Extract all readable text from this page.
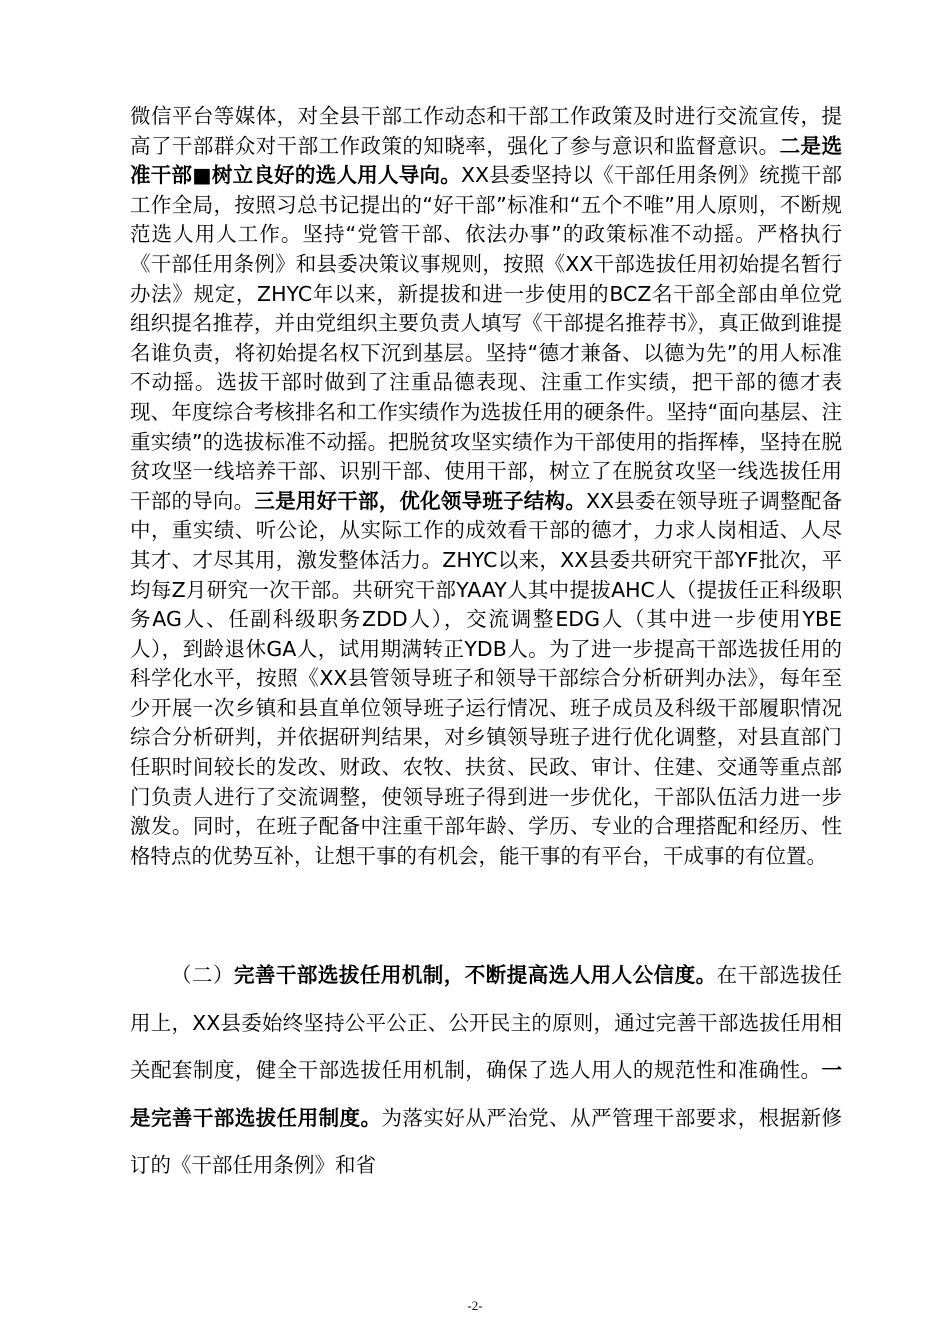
微信平台等媒体，对全县干部工作动态和干部工作政策及时进行交流宣传，提高了干部群众对干部工作政策的知晓率，强化了参与意识和监督意识。二是选准干部■树立良好的选人用人导向。XX县委坚持以《干部任用条例》统揽干部工作全局，按照习总书记提出的“好干部”标准和“五个不唯”用人原则，不断规范选人用人工作。坚持“党管干部、依法办事”的政策标准不动摇。严格执行《干部任用条例》和县委决策议事规则，按照《XX干部选拔任用初始提名暂行办法》规定，ZHYC年以来，新提拔和进一步使用的BCZ名干部全部由单位党组织提名推荐，并由党组织主要负责人填写《干部提名推荐书》，真正做到谁提名谁负责，将初始提名权下沉到基层。坚持“德才兼备、以德为先”的用人标准不动摇。选拔干部时做到了注重品德表现、注重工作实绩，把干部的德才表现、年度综合考核排名和工作实绩作为选拔任用的硬条件。坚持“面向基层、注重实绩”的选拔标准不动摇。把脱贫攻坚实绩作为干部使用的指挥棒，坚持在脱贫攻坚一线培养干部、识别干部、使用干部，树立了在脱贫攻坚一线选拔任用干部的导向。三是用好干部，优化领导班子结构。XX县委在领导班子调整配备中，重实绩、听公论，从实际工作的成效看干部的德才，力求人岗相适、人尽其才、才尽其用，激发整体活力。ZHYC以来，XX县委共研究干部YF批次，平均每Z月研究一次干部。共研究干部YAAY人其中提拔AHC人（提拔任正科级职务AG人、任副科级职务ZDD人），交流调整EDG人（其中进一步使用YBE人），到龄退休GA人，试用期满转正YDB人。为了进一步提高干部选拔任用的科学化水平，按照《XX县管领导班子和领导干部综合分析研判办法》，每年至少开展一次乡镇和县直单位领导班子运行情况、班子成员及科级干部履职情况综合分析研判，并依据研判结果，对乡镇领导班子进行优化调整，对县直部门任职时间较长的发改、财政、农牧、扶贫、民政、审计、住建、交通等重点部门负责人进行了交流调整，使领导班子得到进一步优化，干部队伍活力进一步激发。同时，在班子配备中注重干部年龄、学历、专业的合理搭配和经历、性格特点的优势互补，让想干事的有机会，能干事的有平台，干成事的有位置。

（二）完善干部选拔任用机制，不断提高选人用人公信度。在干部选拔任用上，XX县委始终坚持公平公正、公开民主的原则，通过完善干部选拔任用相关配套制度，健全干部选拔任用机制，确保了选人用人的规范性和准确性。一是完善干部选拔任用制度。为落实好从严治党、从严管理干部要求，根据新修订的《干部任用条例》和省

-2-
